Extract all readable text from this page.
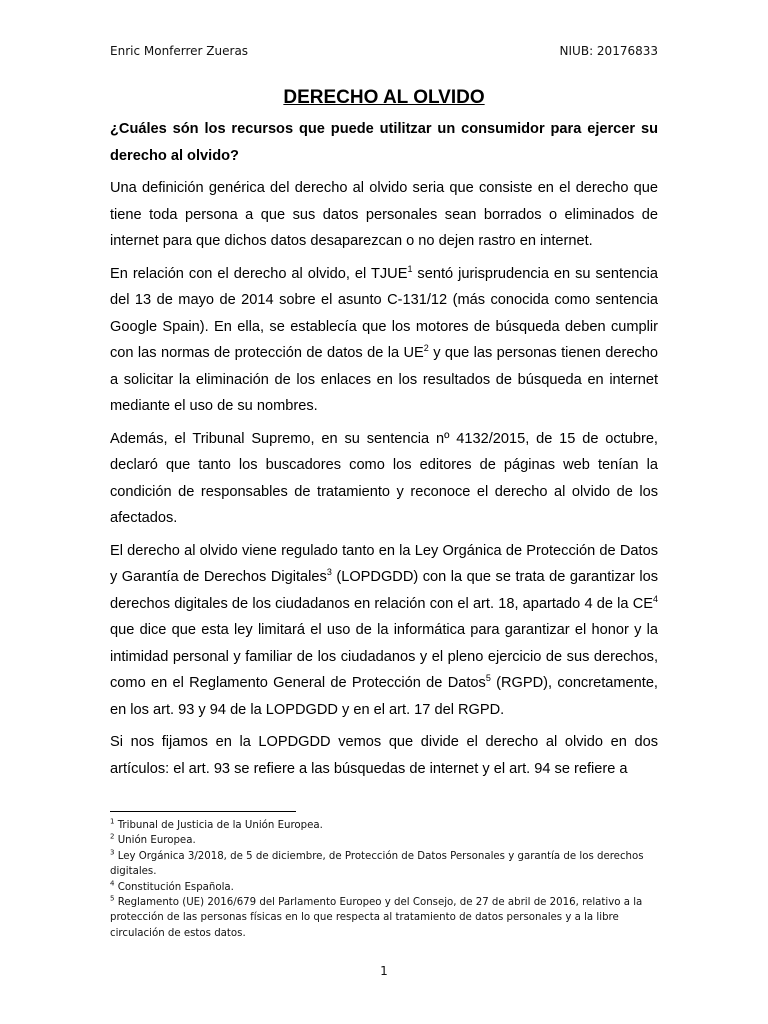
Enric Monferrer Zueras	NIUB: 20176833
DERECHO AL OLVIDO

¿Cuáles són los recursos que puede utilitzar un consumidor para ejercer su derecho al olvido?

Una definición genérica del derecho al olvido seria que consiste en el derecho que tiene toda persona a que sus datos personales sean borrados o eliminados de internet para que dichos datos desaparezcan o no dejen rastro en internet.

En relación con el derecho al olvido, el TJUE$^1$ sentó jurisprudencia en su sentencia del 13 de mayo de 2014 sobre el asunto C-131/12 (más conocida como sentencia Google Spain). En ella, se establecía que los motores de búsqueda deben cumplir con las normas de protección de datos de la $UE^2$ y que las personas tienen derecho a solicitar la eliminación de los enlaces en los resultados de búsqueda en internet mediante el uso de su nombres.

Además, el Tribunal Supremo, en su sentencia nº 4132/2015, de 15 de octubre, declaró que tanto los buscadores como los editores de páginas web tenían la condición de responsables de tratamiento y reconoce el derecho al olvido de los afectados.

El derecho al olvido viene regulado tanto en la Ley Orgánica de Protección de Datos y Garantía de Derechos Digitales$^3$ (LOPDGDD) con la que se trata de garantizar los derechos digitales de los ciudadanos en relación con el art. 18, apartado 4 de la $CE^4$ que dice que esta ley limitará el uso de la informática para garantizar el honor y la intimidad personal y familiar de los ciudadanos y el pleno ejercicio de sus derechos, como en el Reglamento General de Protección de Datos$^5$ (RGPD), concretamente, en los art. 93 y 94 de la LOPDGDD y en el art. 17 del RGPD.

Si nos fijamos en la LOPDGDD vemos que divide el derecho al olvido en dos artículos: el art. 93 se refiere a las búsquedas de internet y el art. 94 se refiere a

$^1$ Tribunal de Justicia de la Unión Europea.

$^2$ Unión Europea.

$^3$ Ley Orgánica 3/2018, de 5 de diciembre, de Protección de Datos Personales y garantía de los derechos digitales.

$^4$ Constitución Española.

$^5$ Reglamento (UE) 2016/679 del Parlamento Europeo y del Consejo, de 27 de abril de 2016, relativo a la protección de las personas físicas en lo que respecta al tratamiento de datos personales y a la libre circulación de estos datos.

1
